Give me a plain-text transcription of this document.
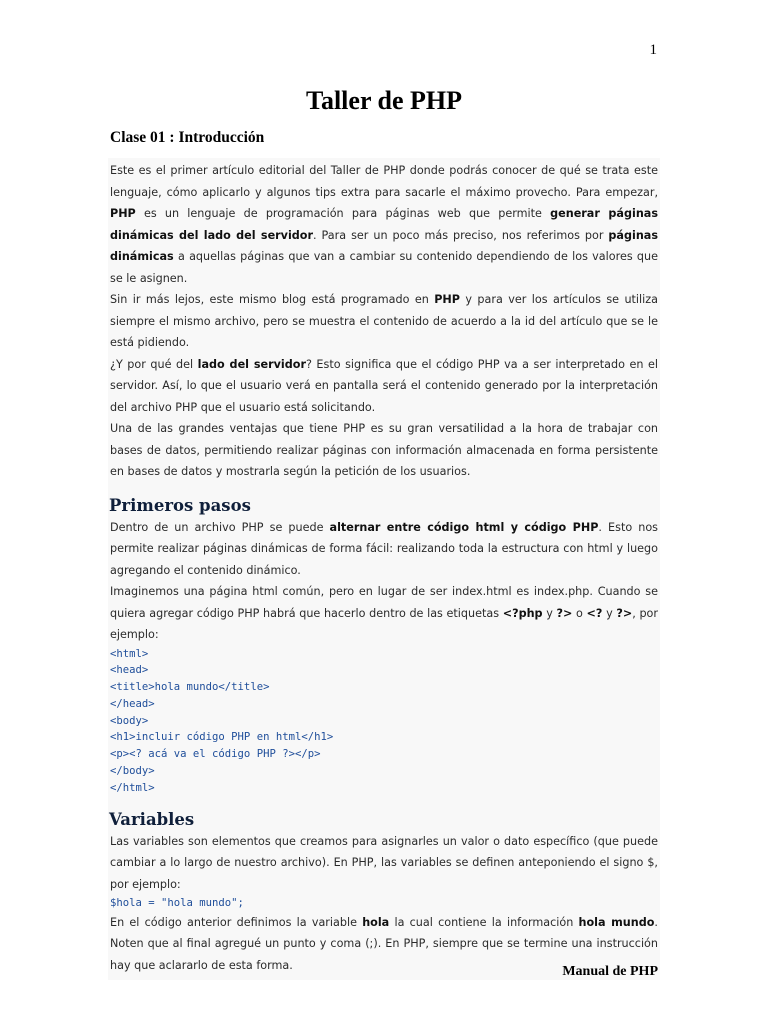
1
Taller de PHP
Clase 01 : Introducción

Este es el primer artículo editorial del Taller de PHP donde podrás conocer de qué se trata este lenguaje, cómo aplicarlo y algunos tips extra para sacarle el máximo provecho. Para empezar, PHP es un lenguaje de programación para páginas web que permite generar páginas dinámicas del lado del servidor. Para ser un poco más preciso, nos referimos por páginas dinámicas a aquellas páginas que van a cambiar su contenido dependiendo de los valores que se le asignen.

Sin ir más lejos, este mismo blog está programado en PHP y para ver los artículos se utiliza siempre el mismo archivo, pero se muestra el contenido de acuerdo a la id del artículo que se le está pidiendo.

¿Y por qué del lado del servidor? Esto significa que el código PHP va a ser interpretado en el servidor. Así, lo que el usuario verá en pantalla será el contenido generado por la interpretación del archivo PHP que el usuario está solicitando.

Una de las grandes ventajas que tiene PHP es su gran versatilidad a la hora de trabajar con bases de datos, permitiendo realizar páginas con información almacenada en forma persistente en bases de datos y mostrarla según la petición de los usuarios.

Primeros pasos

Dentro de un archivo PHP se puede alternar entre código html y código PHP. Esto nos permite realizar páginas dinámicas de forma fácil: realizando toda la estructura con html y luego agregando el contenido dinámico.

Imaginemos una página html común, pero en lugar de ser index.html es index.php. Cuando se quiera agregar código PHP habrá que hacerlo dentro de las etiquetas <?php y ?> o <? y ?>, por ejemplo:

<html>
<head>
<title>hola mundo</title>
</head>
<body>
<h1>incluir código PHP en html</h1>
<p><? acá va el código PHP ?></p>
</body>
</html>
Variables

Las variables son elementos que creamos para asignarles un valor o dato específico (que puede cambiar a lo largo de nuestro archivo). En PHP, las variables se definen anteponiendo el signo $, por ejemplo:

$hola = "hola mundo";

En el código anterior definimos la variable hola la cual contiene la información hola mundo. Noten que al final agregué un punto y coma (;). En PHP, siempre que se termine una instrucción hay que aclararlo de esta forma.	Manual de PHP
